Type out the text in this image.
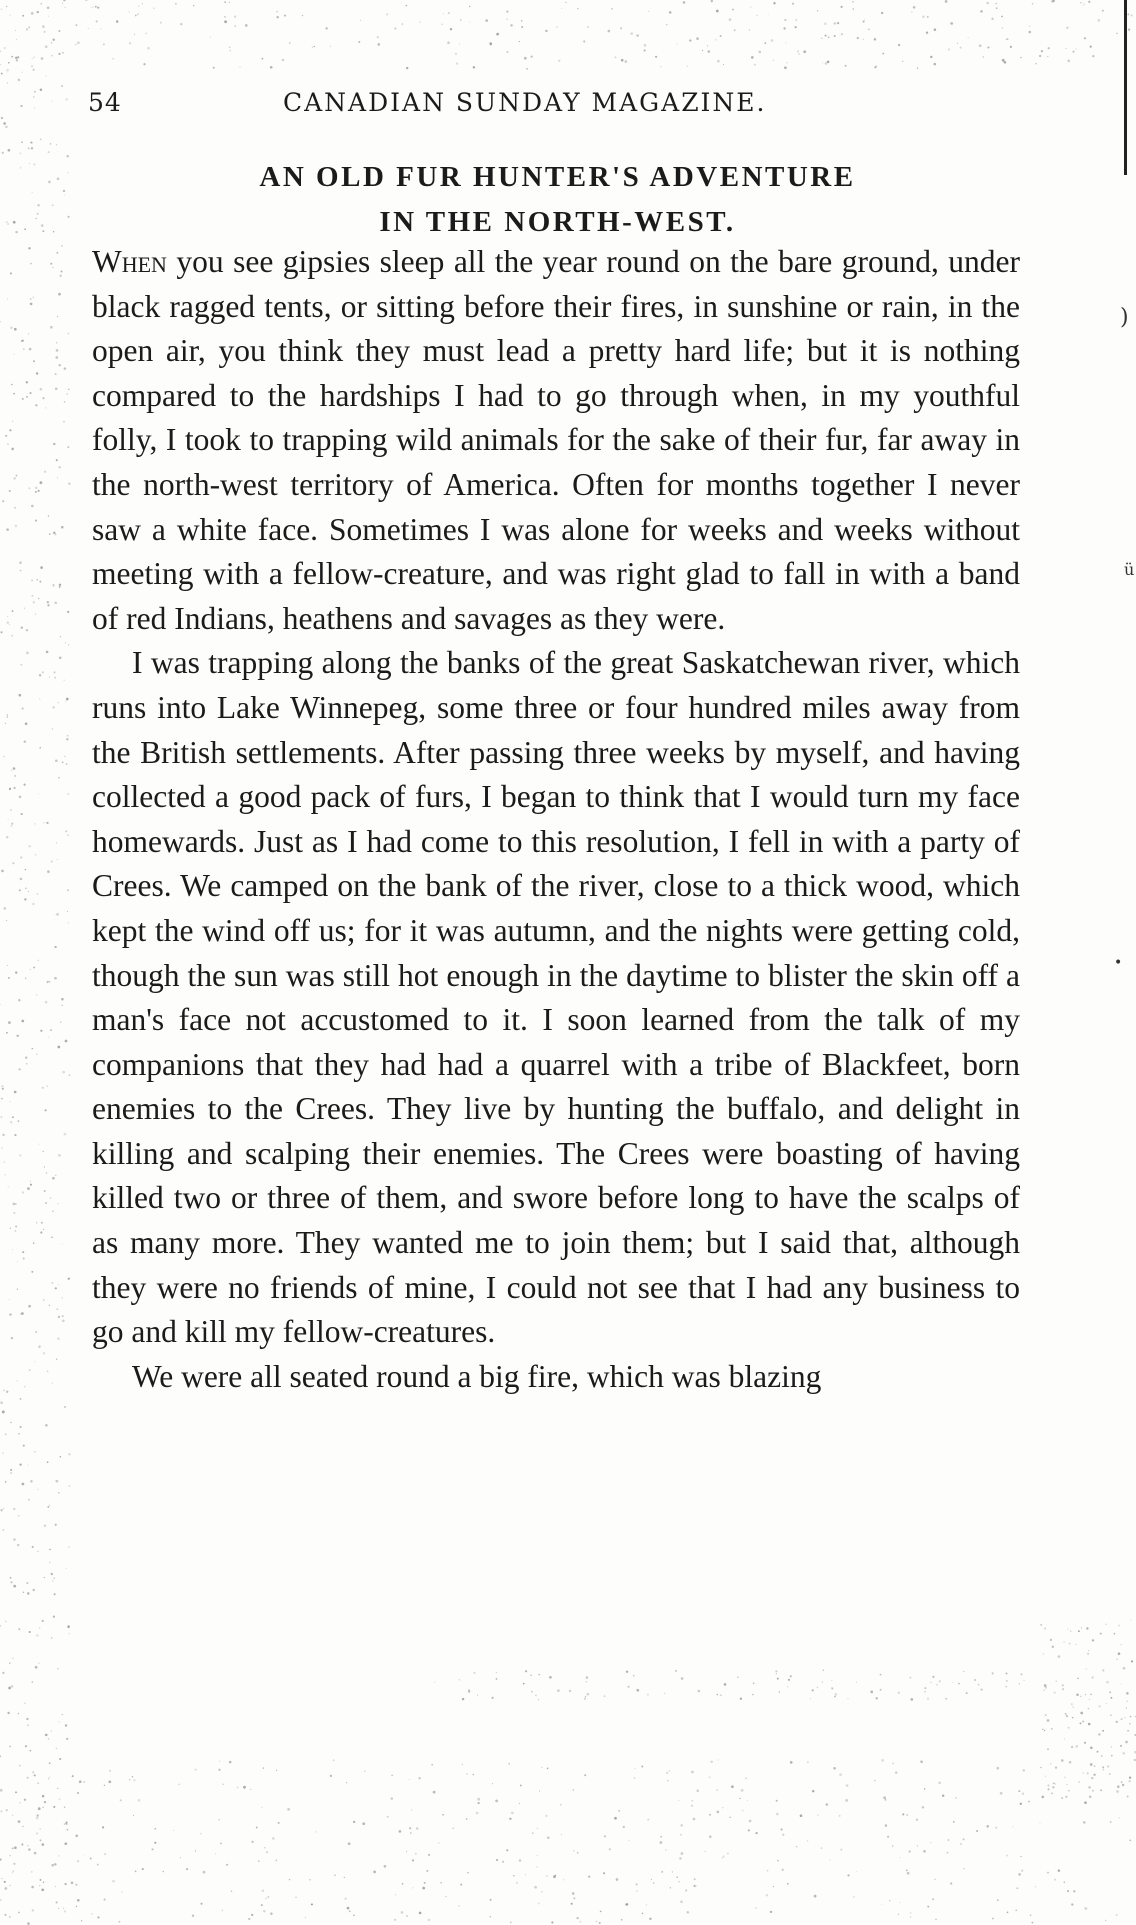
54	CANADIAN SUNDAY MAGAZINE.
AN OLD FUR HUNTER'S ADVENTURE
IN THE NORTH-WEST.

When you see gipsies sleep all the year round on the bare ground, under black ragged tents, or sitting before their fires, in sunshine or rain, in the open air, you think they must lead a pretty hard life; but it is nothing compared to the hardships I had to go through when, in my youthful folly, I took to trapping wild animals for the sake of their fur, far away in the north-west territory of America. Often for months together I never saw a white face. Sometimes I was alone for weeks and weeks without meeting with a fellow-creature, and was right glad to fall in with a band of red Indians, heathens and savages as they were.

I was trapping along the banks of the great Saskatchewan river, which runs into Lake Winnepeg, some three or four hundred miles away from the British settlements. After passing three weeks by myself, and having collected a good pack of furs, I began to think that I would turn my face homewards. Just as I had come to this resolution, I fell in with a party of Crees. We camped on the bank of the river, close to a thick wood, which kept the wind off us; for it was autumn, and the nights were getting cold, though the sun was still hot enough in the daytime to blister the skin off a man's face not accustomed to it. I soon learned from the talk of my companions that they had had a quarrel with a tribe of Blackfeet, born enemies to the Crees. They live by hunting the buffalo, and delight in killing and scalping their enemies. The Crees were boasting of having killed two or three of them, and swore before long to have the scalps of as many more. They wanted me to join them; but I said that, although they were no friends of mine, I could not see that I had any business to go and kill my fellow-creatures.

We were all seated round a big fire, which was blazing

)
ü
•
